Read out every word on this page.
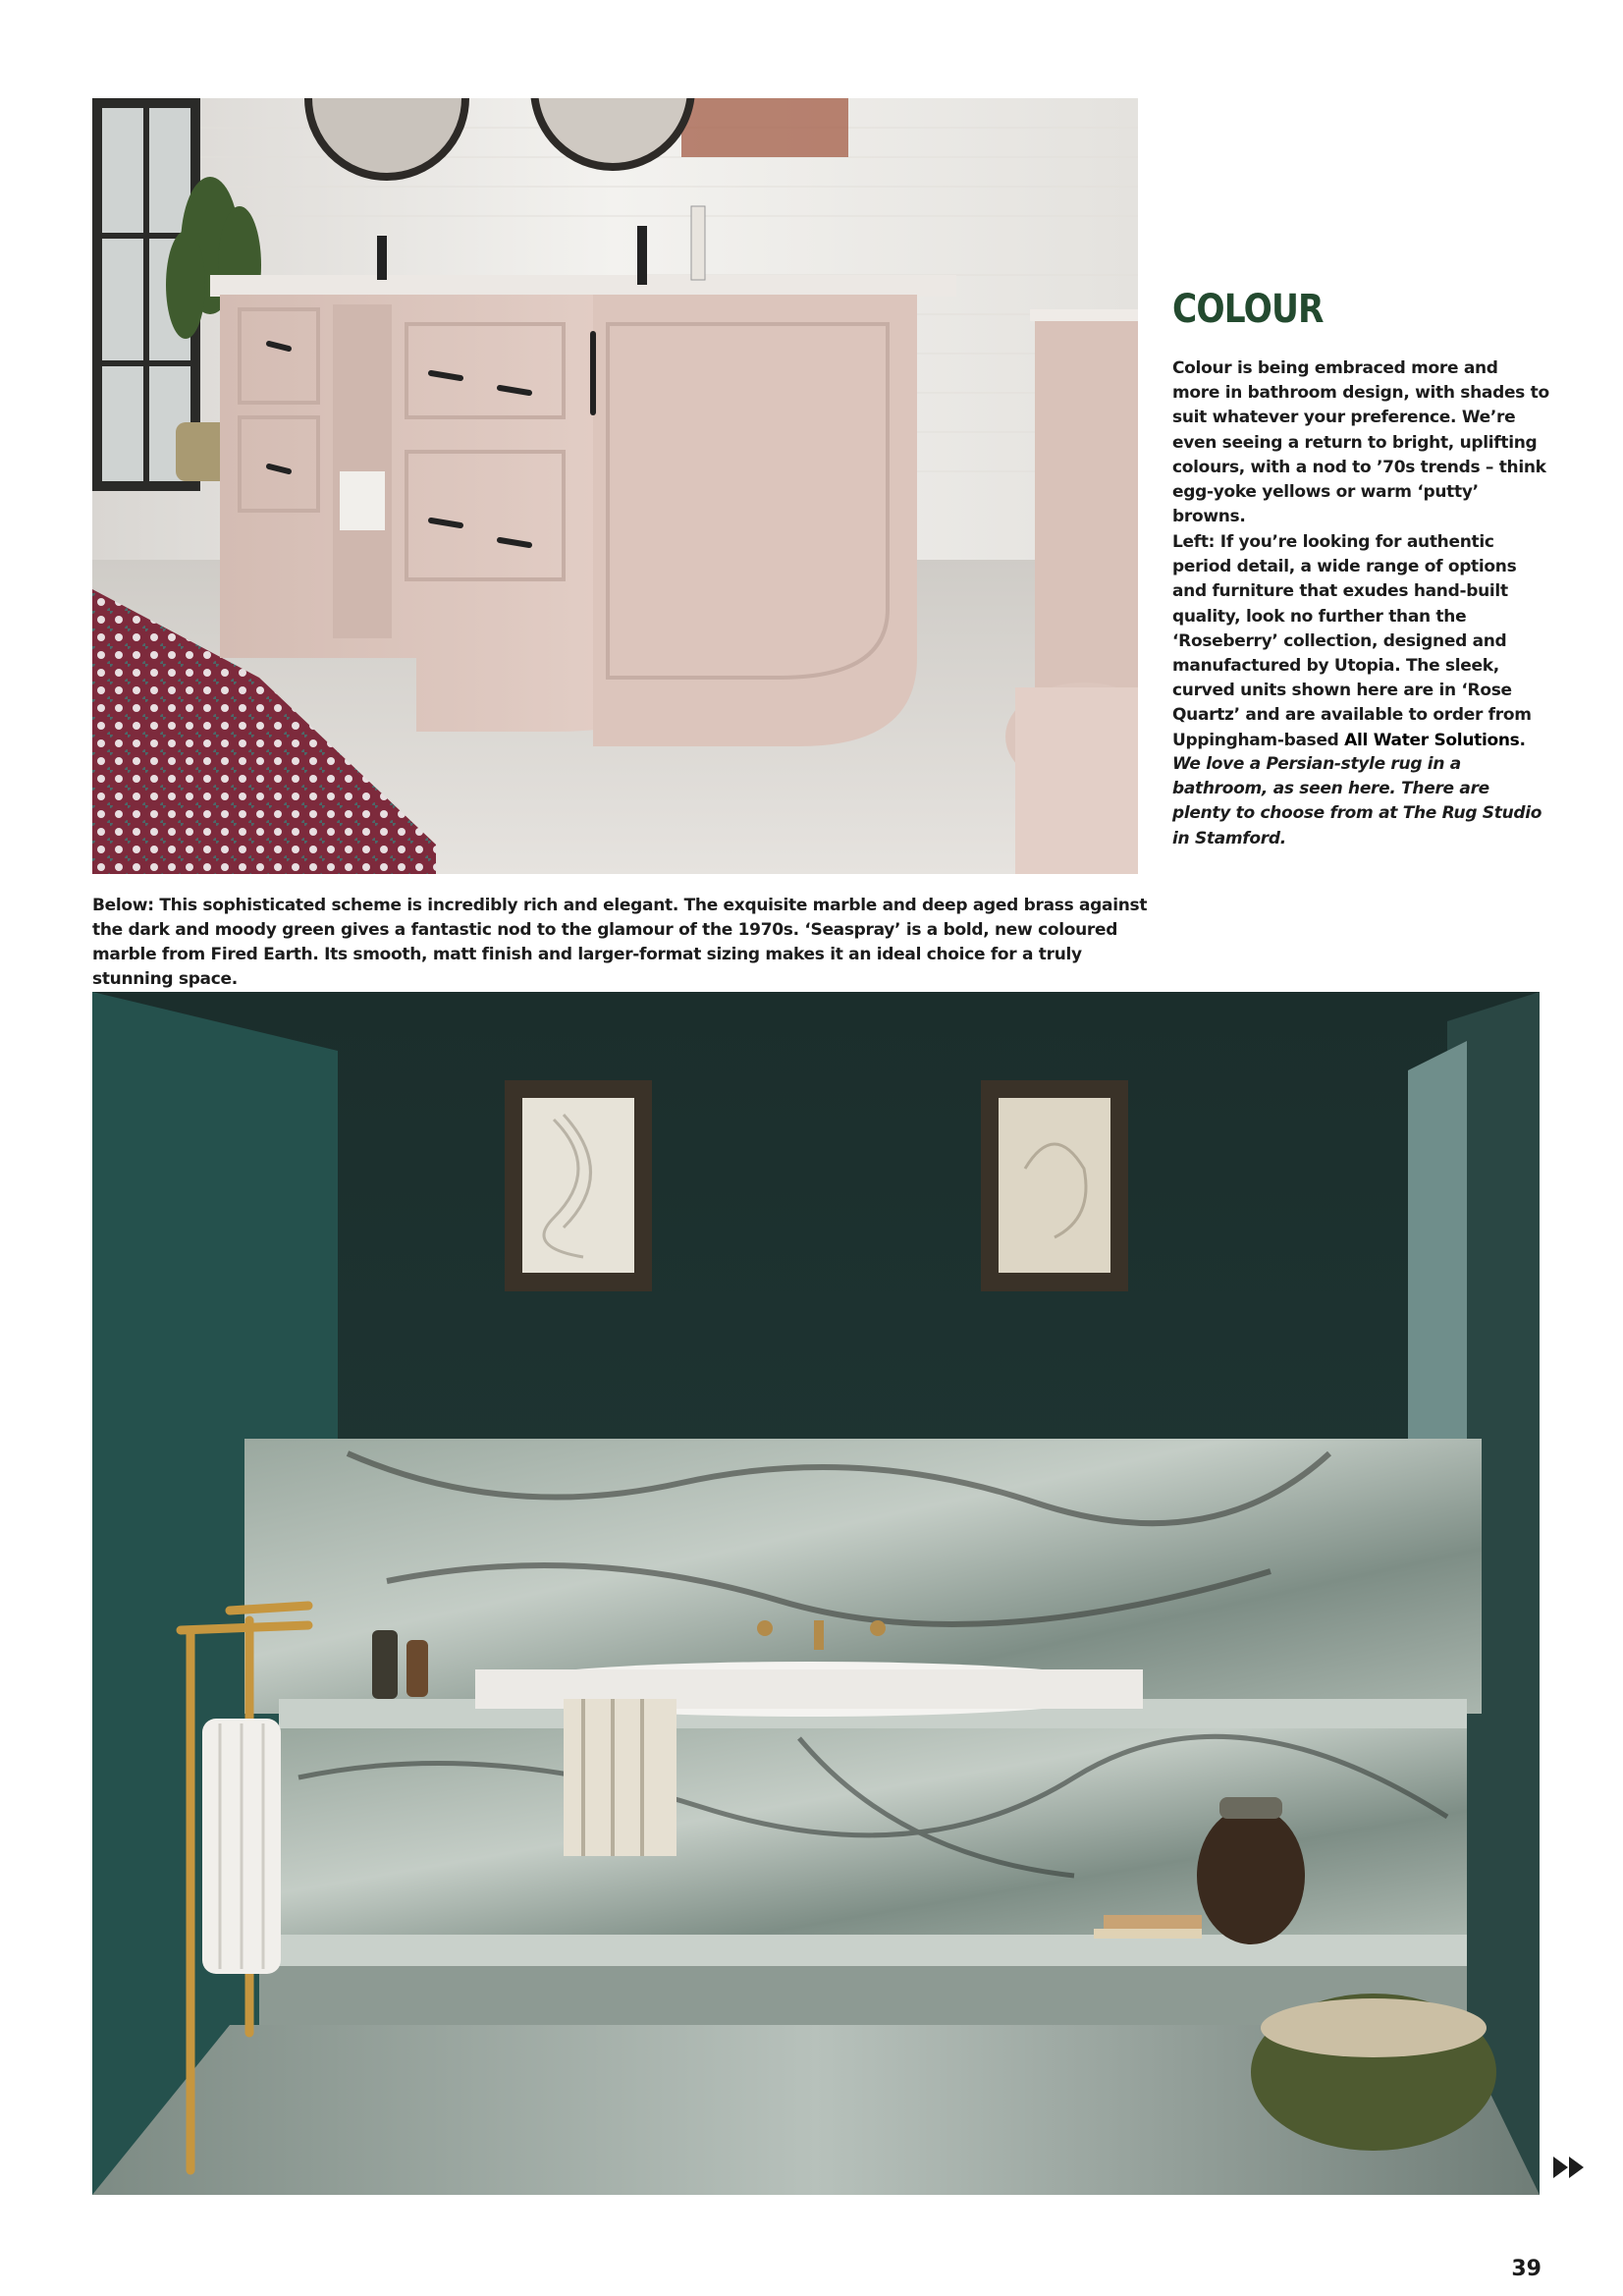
COLOUR

Colour is being embraced more and more in bathroom design, with shades to suit whatever your preference. We’re even seeing a return to bright, uplifting colours, with a nod to ’70s trends – think egg-yoke yellows or warm ‘putty’ browns.

Left: If you’re looking for authentic period detail, a wide range of options and furniture that exudes hand-built quality, look no further than the ‘Roseberry’ collection, designed and manufactured by Utopia. The sleek, curved units shown here are in ‘Rose Quartz’ and are available to order from Uppingham-based All Water Solutions.

We love a Persian-style rug in a bathroom, as seen here. There are plenty to choose from at The Rug Studio in Stamford.

Below: This sophisticated scheme is incredibly rich and elegant. The exquisite marble and deep aged brass against the dark and moody green gives a fantastic nod to the glamour of the 1970s. ‘Seaspray’ is a bold, new coloured marble from Fired Earth. Its smooth, matt finish and larger-format sizing makes it an ideal choice for a truly stunning space.

39
